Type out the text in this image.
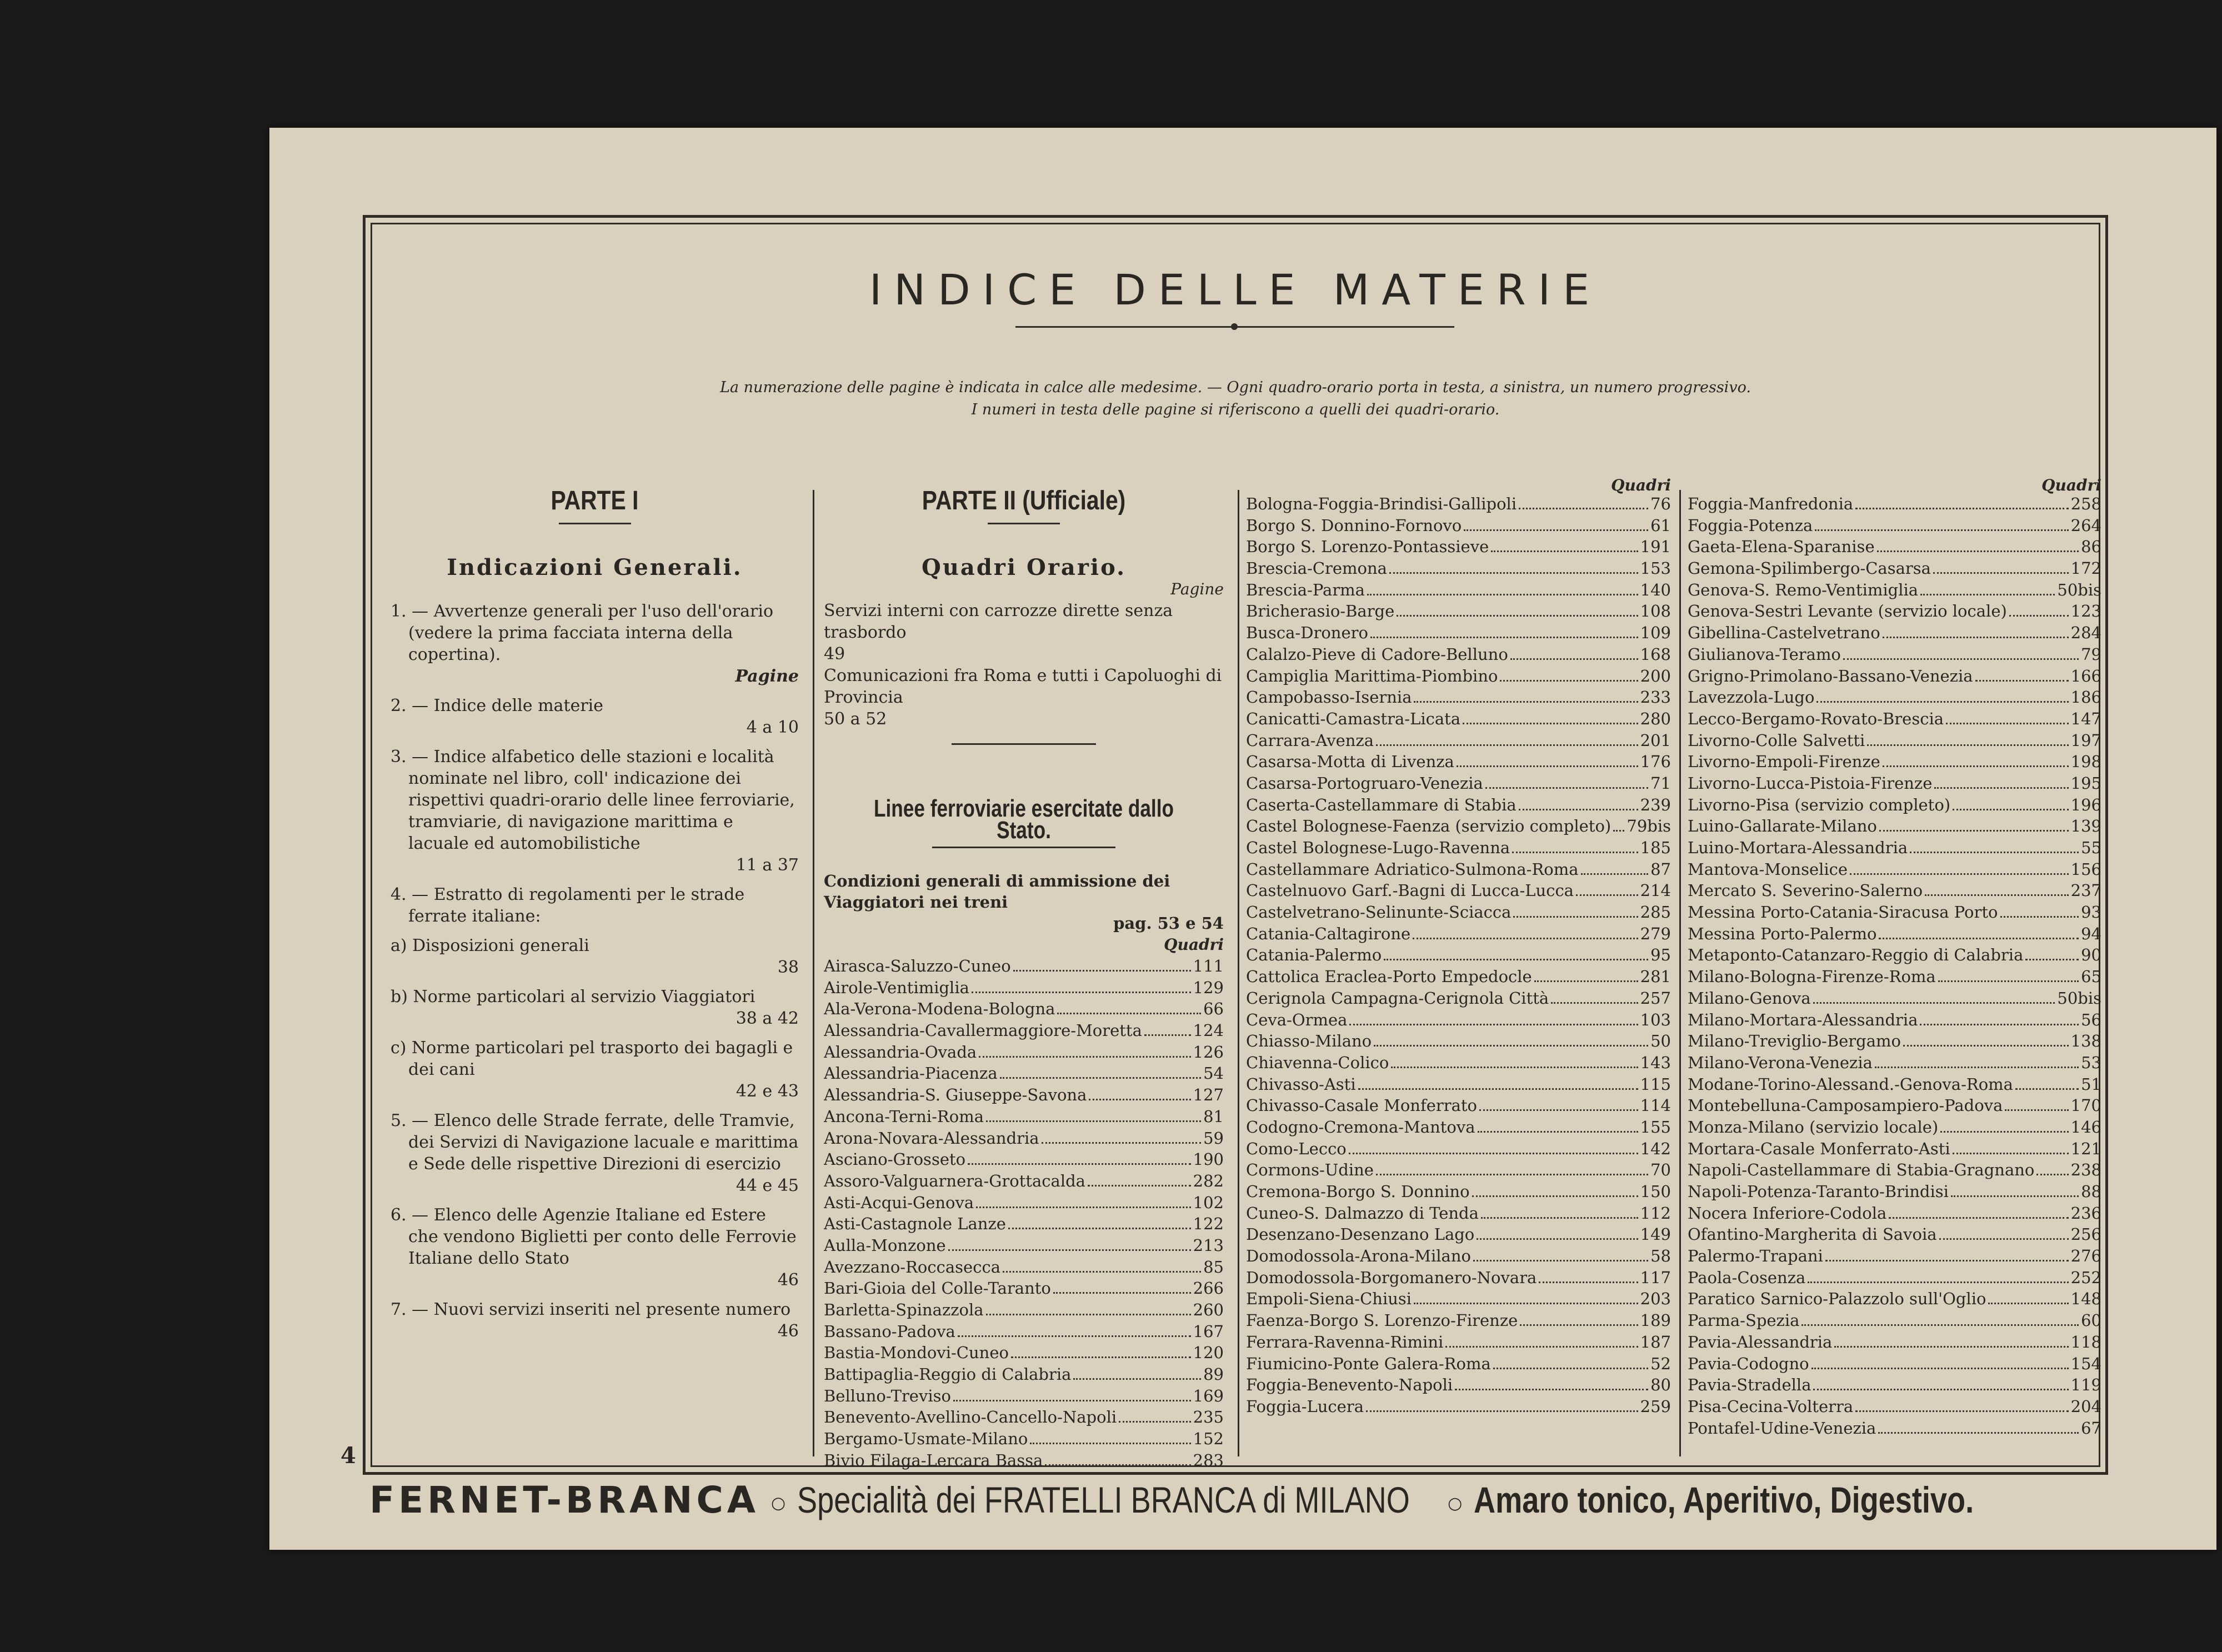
INDICE DELLE MATERIE
La numerazione delle pagine è indicata in calce alle medesime. — Ogni quadro-orario porta in testa, a sinistra, un numero progressivo.
I numeri in testa delle pagine si riferiscono a quelli dei quadri-orario.
PARTE I
Indicazioni Generali.
1. — Avvertenze generali per l'uso dell'orario (vedere la prima facciata interna della copertina).
Pagine
2. — Indice delle materie
4 a 10
3. — Indice alfabetico delle stazioni e località nominate nel libro, coll' indicazione dei rispettivi quadri-orario delle linee ferroviarie, tramviarie, di navigazione marittima e lacuale ed automobilistiche
11 a 37
4. — Estratto di regolamenti per le strade ferrate italiane:
a) Disposizioni generali
38
b) Norme particolari al servizio Viaggiatori
38 a 42
c) Norme particolari pel trasporto dei bagagli e dei cani
42 e 43
5. — Elenco delle Strade ferrate, delle Tramvie, dei Servizi di Navigazione lacuale e marittima e Sede delle rispettive Direzioni di esercizio
44 e 45
6. — Elenco delle Agenzie Italiane ed Estere che vendono Biglietti per conto delle Ferrovie Italiane dello Stato
46
7. — Nuovi servizi inseriti nel presente numero
46
PARTE II (Ufficiale)
Quadri Orario.
Pagine
Servizi interni con carrozze dirette senza trasbordo
49
Comunicazioni fra Roma e tutti i Capoluoghi di Provincia
50 a 52
Linee ferroviarie esercitate dallo Stato.
Condizioni generali di ammissione dei Viaggiatori nei treni
pag. 53 e 54
Quadri
Airasca-Saluzzo-Cuneo	111
Airole-Ventimiglia	129
Ala-Verona-Modena-Bologna	66
Alessandria-Cavallermaggiore-Moretta	124
Alessandria-Ovada	126
Alessandria-Piacenza	54
Alessandria-S. Giuseppe-Savona	127
Ancona-Terni-Roma	81
Arona-Novara-Alessandria	59
Asciano-Grosseto	190
Assoro-Valguarnera-Grottacalda	282
Asti-Acqui-Genova	102
Asti-Castagnole Lanze	122
Aulla-Monzone	213
Avezzano-Roccasecca	85
Bari-Gioia del Colle-Taranto	266
Barletta-Spinazzola	260
Bassano-Padova	167
Bastia-Mondovi-Cuneo	120
Battipaglia-Reggio di Calabria	89
Belluno-Treviso	169
Benevento-Avellino-Cancello-Napoli	235
Bergamo-Usmate-Milano	152
Bivio Filaga-Lercara Bassa	283
Quadri
Bologna-Foggia-Brindisi-Gallipoli	76
Borgo S. Donnino-Fornovo	61
Borgo S. Lorenzo-Pontassieve	191
Brescia-Cremona	153
Brescia-Parma	140
Bricherasio-Barge	108
Busca-Dronero	109
Calalzo-Pieve di Cadore-Belluno	168
Campiglia Marittima-Piombino	200
Campobasso-Isernia	233
Canicatti-Camastra-Licata	280
Carrara-Avenza	201
Casarsa-Motta di Livenza	176
Casarsa-Portogruaro-Venezia	71
Caserta-Castellammare di Stabia	239
Castel Bolognese-Faenza (servizio completo) 79bis
Castel Bolognese-Lugo-Ravenna	185
Castellammare Adriatico-Sulmona-Roma	87
Castelnuovo Garf.-Bagni di Lucca-Lucca	214
Castelvetrano-Selinunte-Sciacca	285
Catania-Caltagirone	279
Catania-Palermo	95
Cattolica Eraclea-Porto Empedocle	281
Cerignola Campagna-Cerignola Città	257
Ceva-Ormea	103
Chiasso-Milano	50
Chiavenna-Colico	143
Chivasso-Asti	115
Chivasso-Casale Monferrato	114
Codogno-Cremona-Mantova	155
Como-Lecco	142
Cormons-Udine	70
Cremona-Borgo S. Donnino	150
Cuneo-S. Dalmazzo di Tenda	112
Desenzano-Desenzano Lago	149
Domodossola-Arona-Milano	58
Domodossola-Borgomanero-Novara	117
Empoli-Siena-Chiusi	203
Faenza-Borgo S. Lorenzo-Firenze	189
Ferrara-Ravenna-Rimini	187
Fiumicino-Ponte Galera-Roma	52
Foggia-Benevento-Napoli	80
Foggia-Lucera	259
Quadri
Foggia-Manfredonia	258
Foggia-Potenza	264
Gaeta-Elena-Sparanise	86
Gemona-Spilimbergo-Casarsa	172
Genova-S. Remo-Ventimiglia	50bis
Genova-Sestri Levante (servizio locale)	123
Gibellina-Castelvetrano	284
Giulianova-Teramo	79
Grigno-Primolano-Bassano-Venezia	166
Lavezzola-Lugo	186
Lecco-Bergamo-Rovato-Brescia	147
Livorno-Colle Salvetti	197
Livorno-Empoli-Firenze	198
Livorno-Lucca-Pistoia-Firenze	195
Livorno-Pisa (servizio completo)	196
Luino-Gallarate-Milano	139
Luino-Mortara-Alessandria	55
Mantova-Monselice	156
Mercato S. Severino-Salerno	237
Messina Porto-Catania-Siracusa Porto	93
Messina Porto-Palermo	94
Metaponto-Catanzaro-Reggio di Calabria	90
Milano-Bologna-Firenze-Roma	65
Milano-Genova	50bis
Milano-Mortara-Alessandria	56
Milano-Treviglio-Bergamo	138
Milano-Verona-Venezia	53
Modane-Torino-Alessand.-Genova-Roma	51
Montebelluna-Camposampiero-Padova	170
Monza-Milano (servizio locale)	146
Mortara-Casale Monferrato-Asti	121
Napoli-Castellammare di Stabia-Gragnano 238
Napoli-Potenza-Taranto-Brindisi	88
Nocera Inferiore-Codola	236
Ofantino-Margherita di Savoia	256
Palermo-Trapani	276
Paola-Cosenza	252
Paratico Sarnico-Palazzolo sull'Oglio	148
Parma-Spezia	60
Pavia-Alessandria	118
Pavia-Codogno	154
Pavia-Stradella	119
Pisa-Cecina-Volterra	204
Pontafel-Udine-Venezia	67
4
FERNET-BRANCA ○ Specialità dei FRATELLI BRANCA di MILANO ○ Amaro tonico, Aperitivo, Digestivo.
